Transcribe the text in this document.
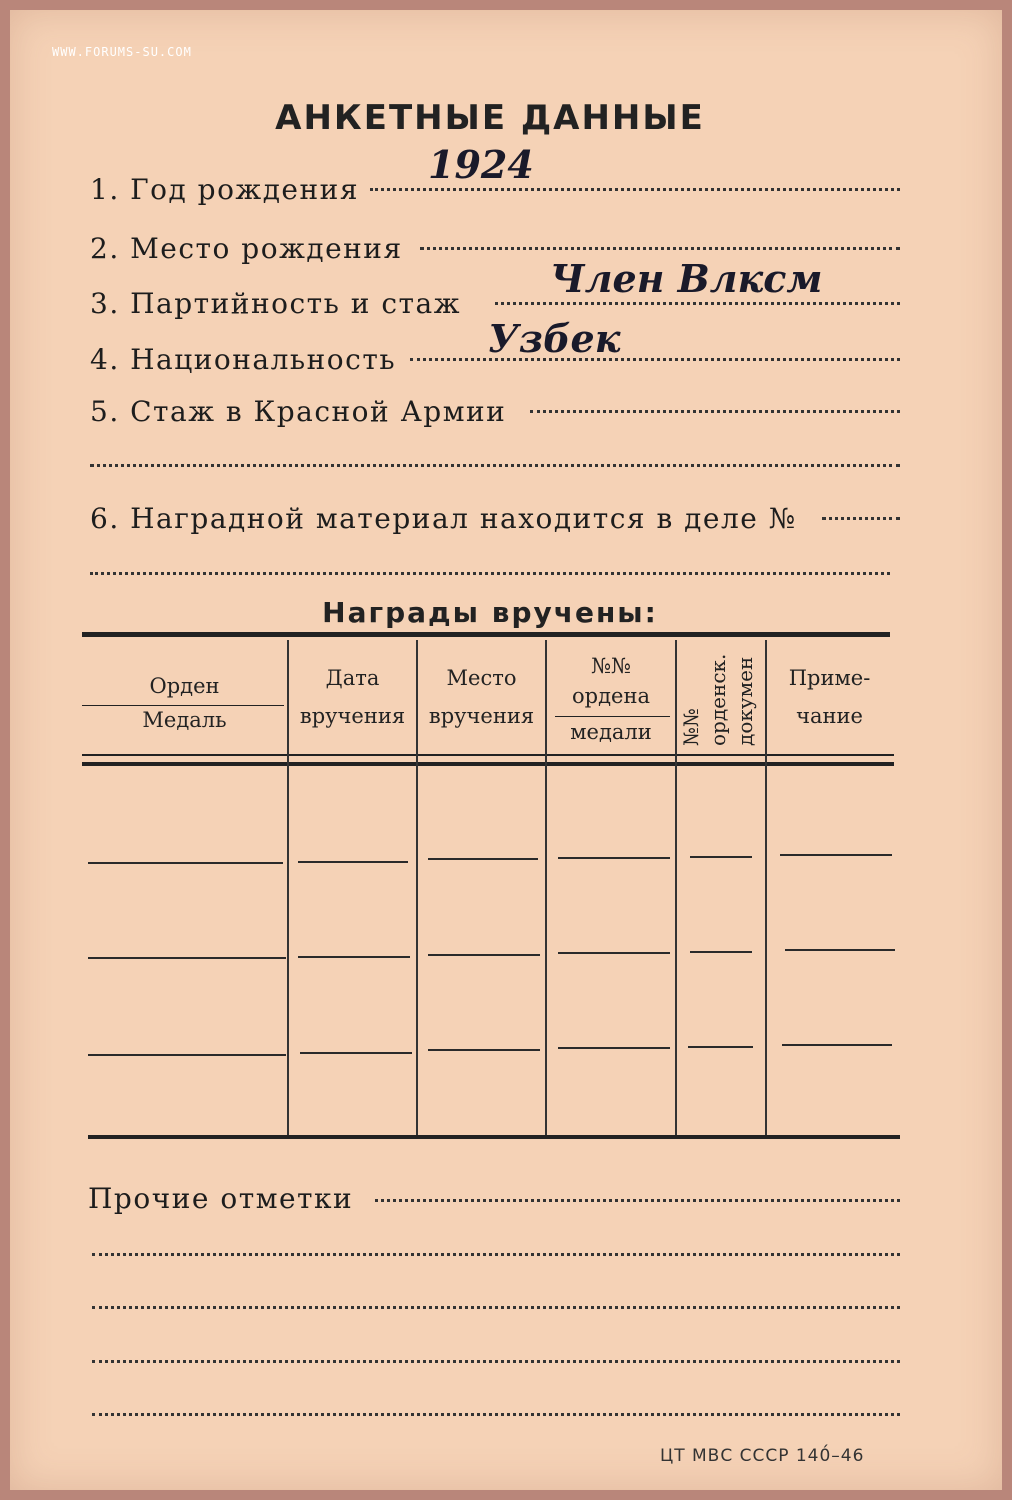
WWW.FORUMS-SU.COM
АНКЕТНЫЕ ДАННЫЕ
1. Год рождения
1924
2. Место рождения
3. Партийность и стаж
Член Влксм
4. Национальность Узбек
5. Стаж в Красной Армии
6. Наградной материал находится в деле №
Награды вручены:
Орден
Медаль
Дата
вручения
Место
вручения
№№
ордена
медали	№№ орденск. докумен	Приме-
чание
Прочие отметки
ЦТ МВС СССР 140́–46
